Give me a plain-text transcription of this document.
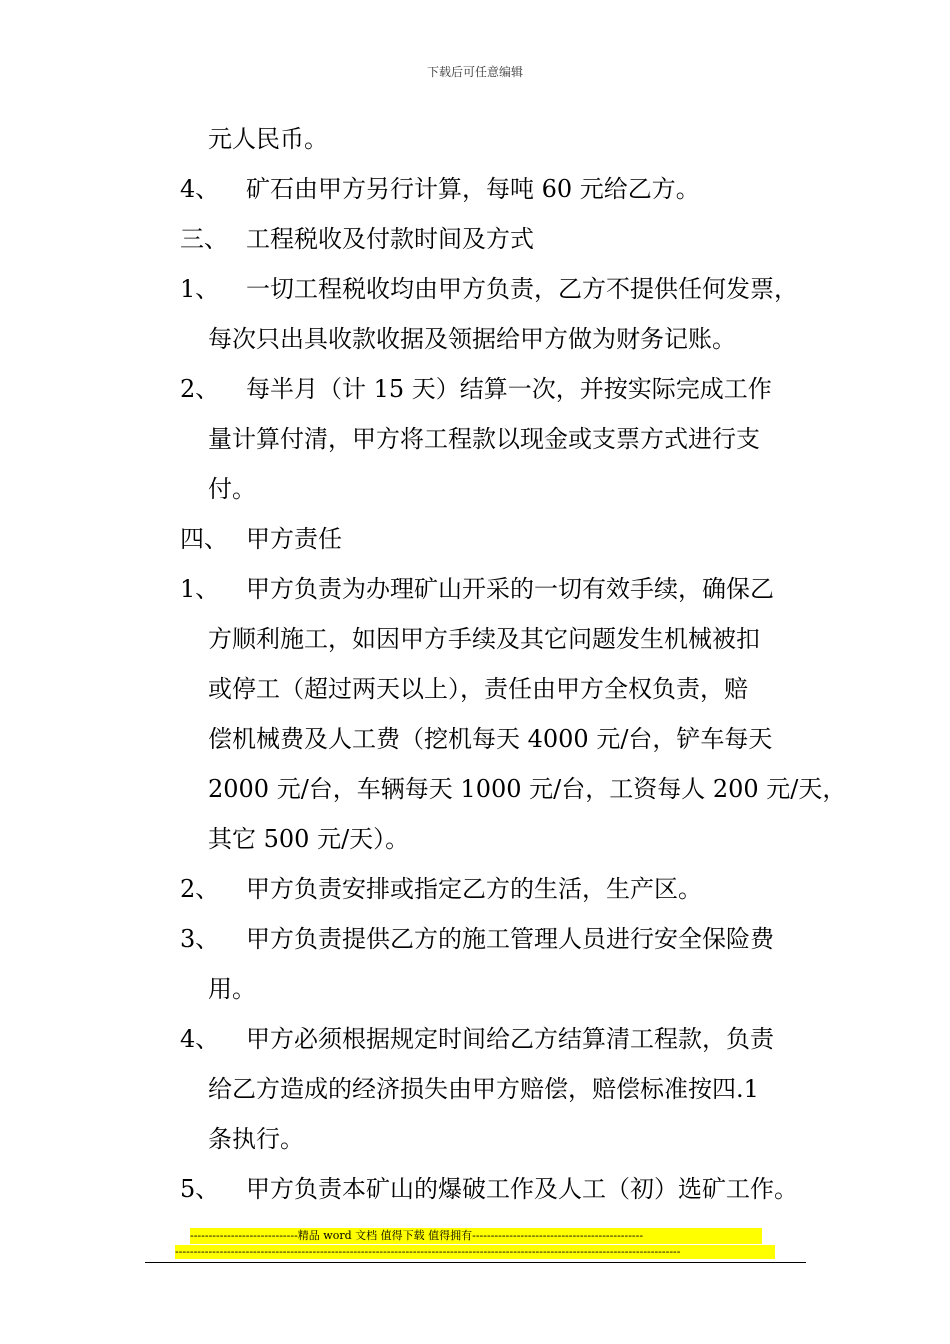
下载后可任意编辑
元人民币。
4、 矿石由甲方另行计算，每吨 60 元给乙方。
三、 工程税收及付款时间及方式
1、 一切工程税收均由甲方负责，乙方不提供任何发票，
每次只出具收款收据及领据给甲方做为财务记账。
2、 每半月（计 15 天）结算一次，并按实际完成工作
量计算付清，甲方将工程款以现金或支票方式进行支
付。
四、 甲方责任
1、 甲方负责为办理矿山开采的一切有效手续，确保乙
方顺利施工，如因甲方手续及其它问题发生机械被扣
或停工（超过两天以上），责任由甲方全权负责，赔
偿机械费及人工费（挖机每天 4000 元/台，铲车每天
2000 元/台，车辆每天 1000 元/台，工资每人 200 元/天，
其它 500 元/天）。
2、 甲方负责安排或指定乙方的生活，生产区。
3、 甲方负责提供乙方的施工管理人员进行安全保险费
用。
4、 甲方必须根据规定时间给乙方结算清工程款，负责
给乙方造成的经济损失由甲方赔偿，赔偿标准按四.1
条执行。
5、 甲方负责本矿山的爆破工作及人工（初）选矿工作。
-----------------------------精品 word 文档 值得下载 值得拥有----------------------------------------------
----------------------------------------------------------------------------------------------------------------------------------------
